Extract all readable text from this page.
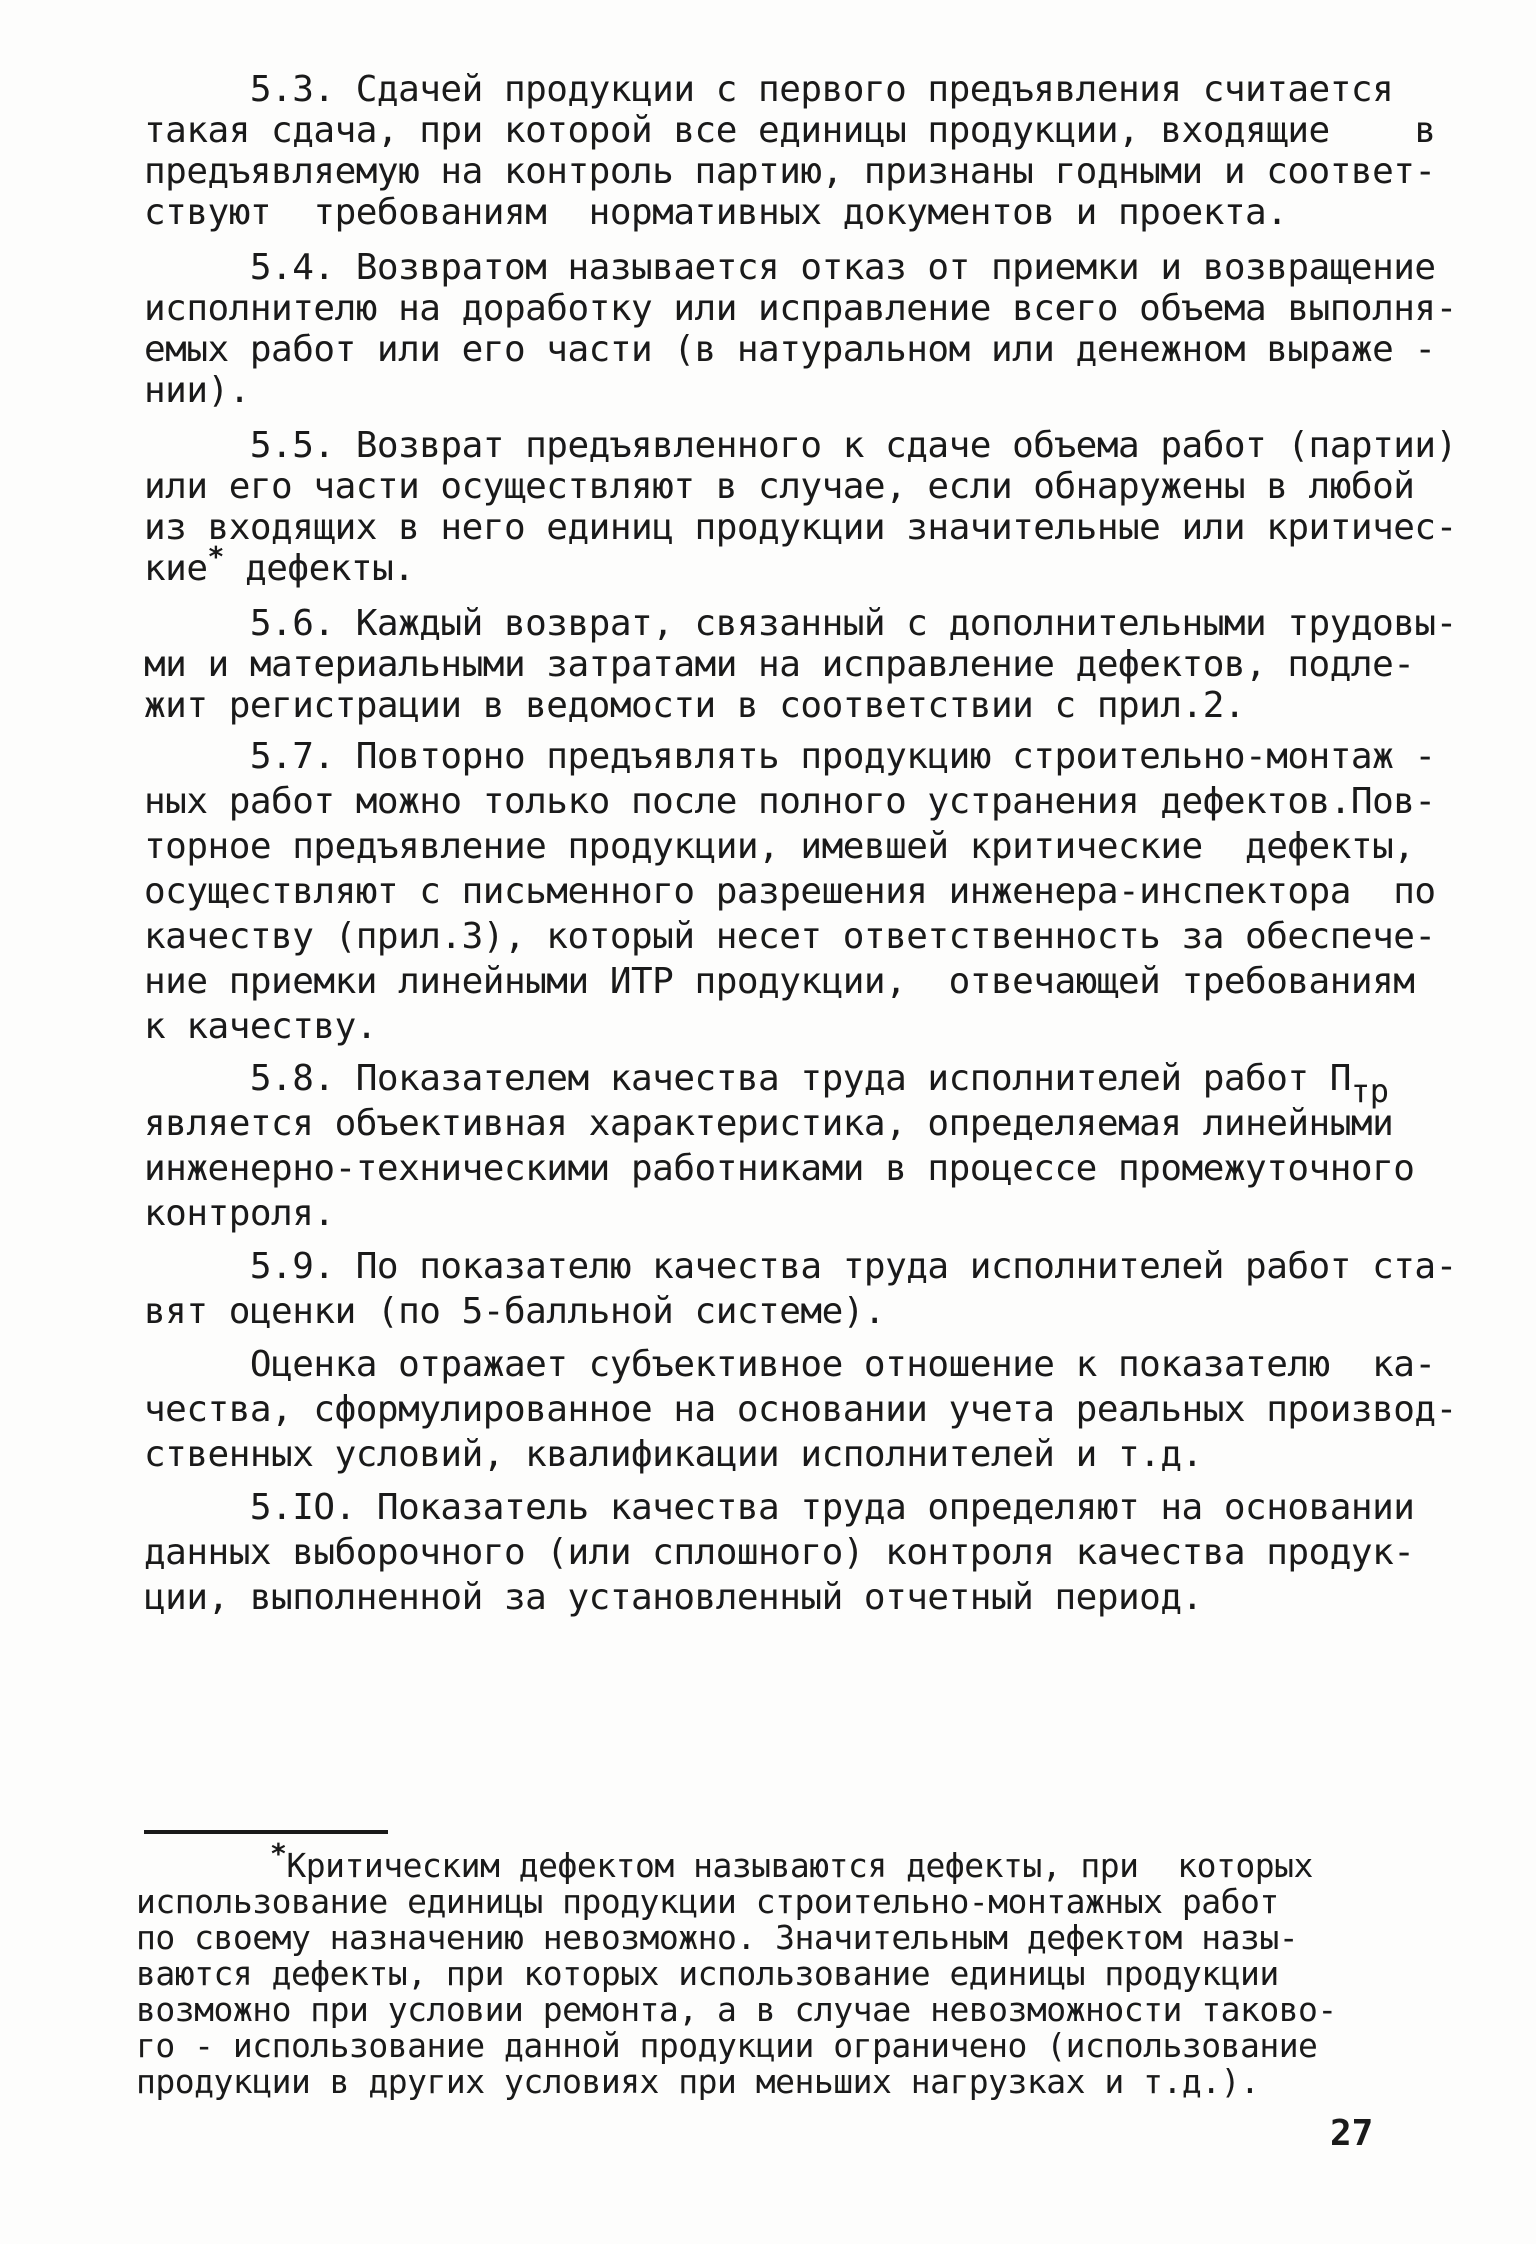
5.3. Сдачей продукции с первого предъявления считается
такая сдача, при которой все единицы продукции, входящие    в
предъявляемую на контроль партию, признаны годными и соответ-
ствуют  требованиям  нормативных документов и проекта.
5.4. Возвратом называется отказ от приемки и возвращение
исполнителю на доработку или исправление всего объема выполня-
емых работ или его части (в натуральном или денежном выраже -
нии).
5.5. Возврат предъявленного к сдаче объема работ (партии)
или его части осуществляют в случае, если обнаружены в любой
из входящих в него единиц продукции значительные или критичес-
кие* дефекты.
5.6. Каждый возврат, связанный с дополнительными трудовы-
ми и материальными затратами на исправление дефектов, подле-
жит регистрации в ведомости в соответствии с прил.2.
5.7. Повторно предъявлять продукцию строительно-монтаж -
ных работ можно только после полного устранения дефектов.Пов-
торное предъявление продукции, имевшей критические  дефекты,
осуществляют с письменного разрешения инженера-инспектора  по
качеству (прил.3), который несет ответственность за обеспече-
ние приемки линейными ИТР продукции,  отвечающей требованиям
к качеству.
5.8. Показателем качества труда исполнителей работ $П_{тр}$
является объективная характеристика, определяемая линейными
инженерно-техническими работниками в процессе промежуточного
контроля.
5.9. По показателю качества труда исполнителей работ ста-
вят оценки (по 5-балльной системе).
Оценка отражает субъективное отношение к показателю  ка-
чества, сформулированное на основании учета реальных производ-
ственных условий, квалификации исполнителей и т.д.
5.IO. Показатель качества труда определяют на основании
данных выборочного (или сплошного) контроля качества продук-
ции, выполненной за установленный отчетный период.
*Критическим дефектом называются дефекты, при  которых
использование единицы продукции строительно-монтажных работ
по своему назначению невозможно. Значительным дефектом назы-
ваются дефекты, при которых использование единицы продукции
возможно при условии ремонта, а в случае невозможности таково-
го - использование данной продукции ограничено (использование
продукции в других условиях при меньших нагрузках и т.д.).
27
